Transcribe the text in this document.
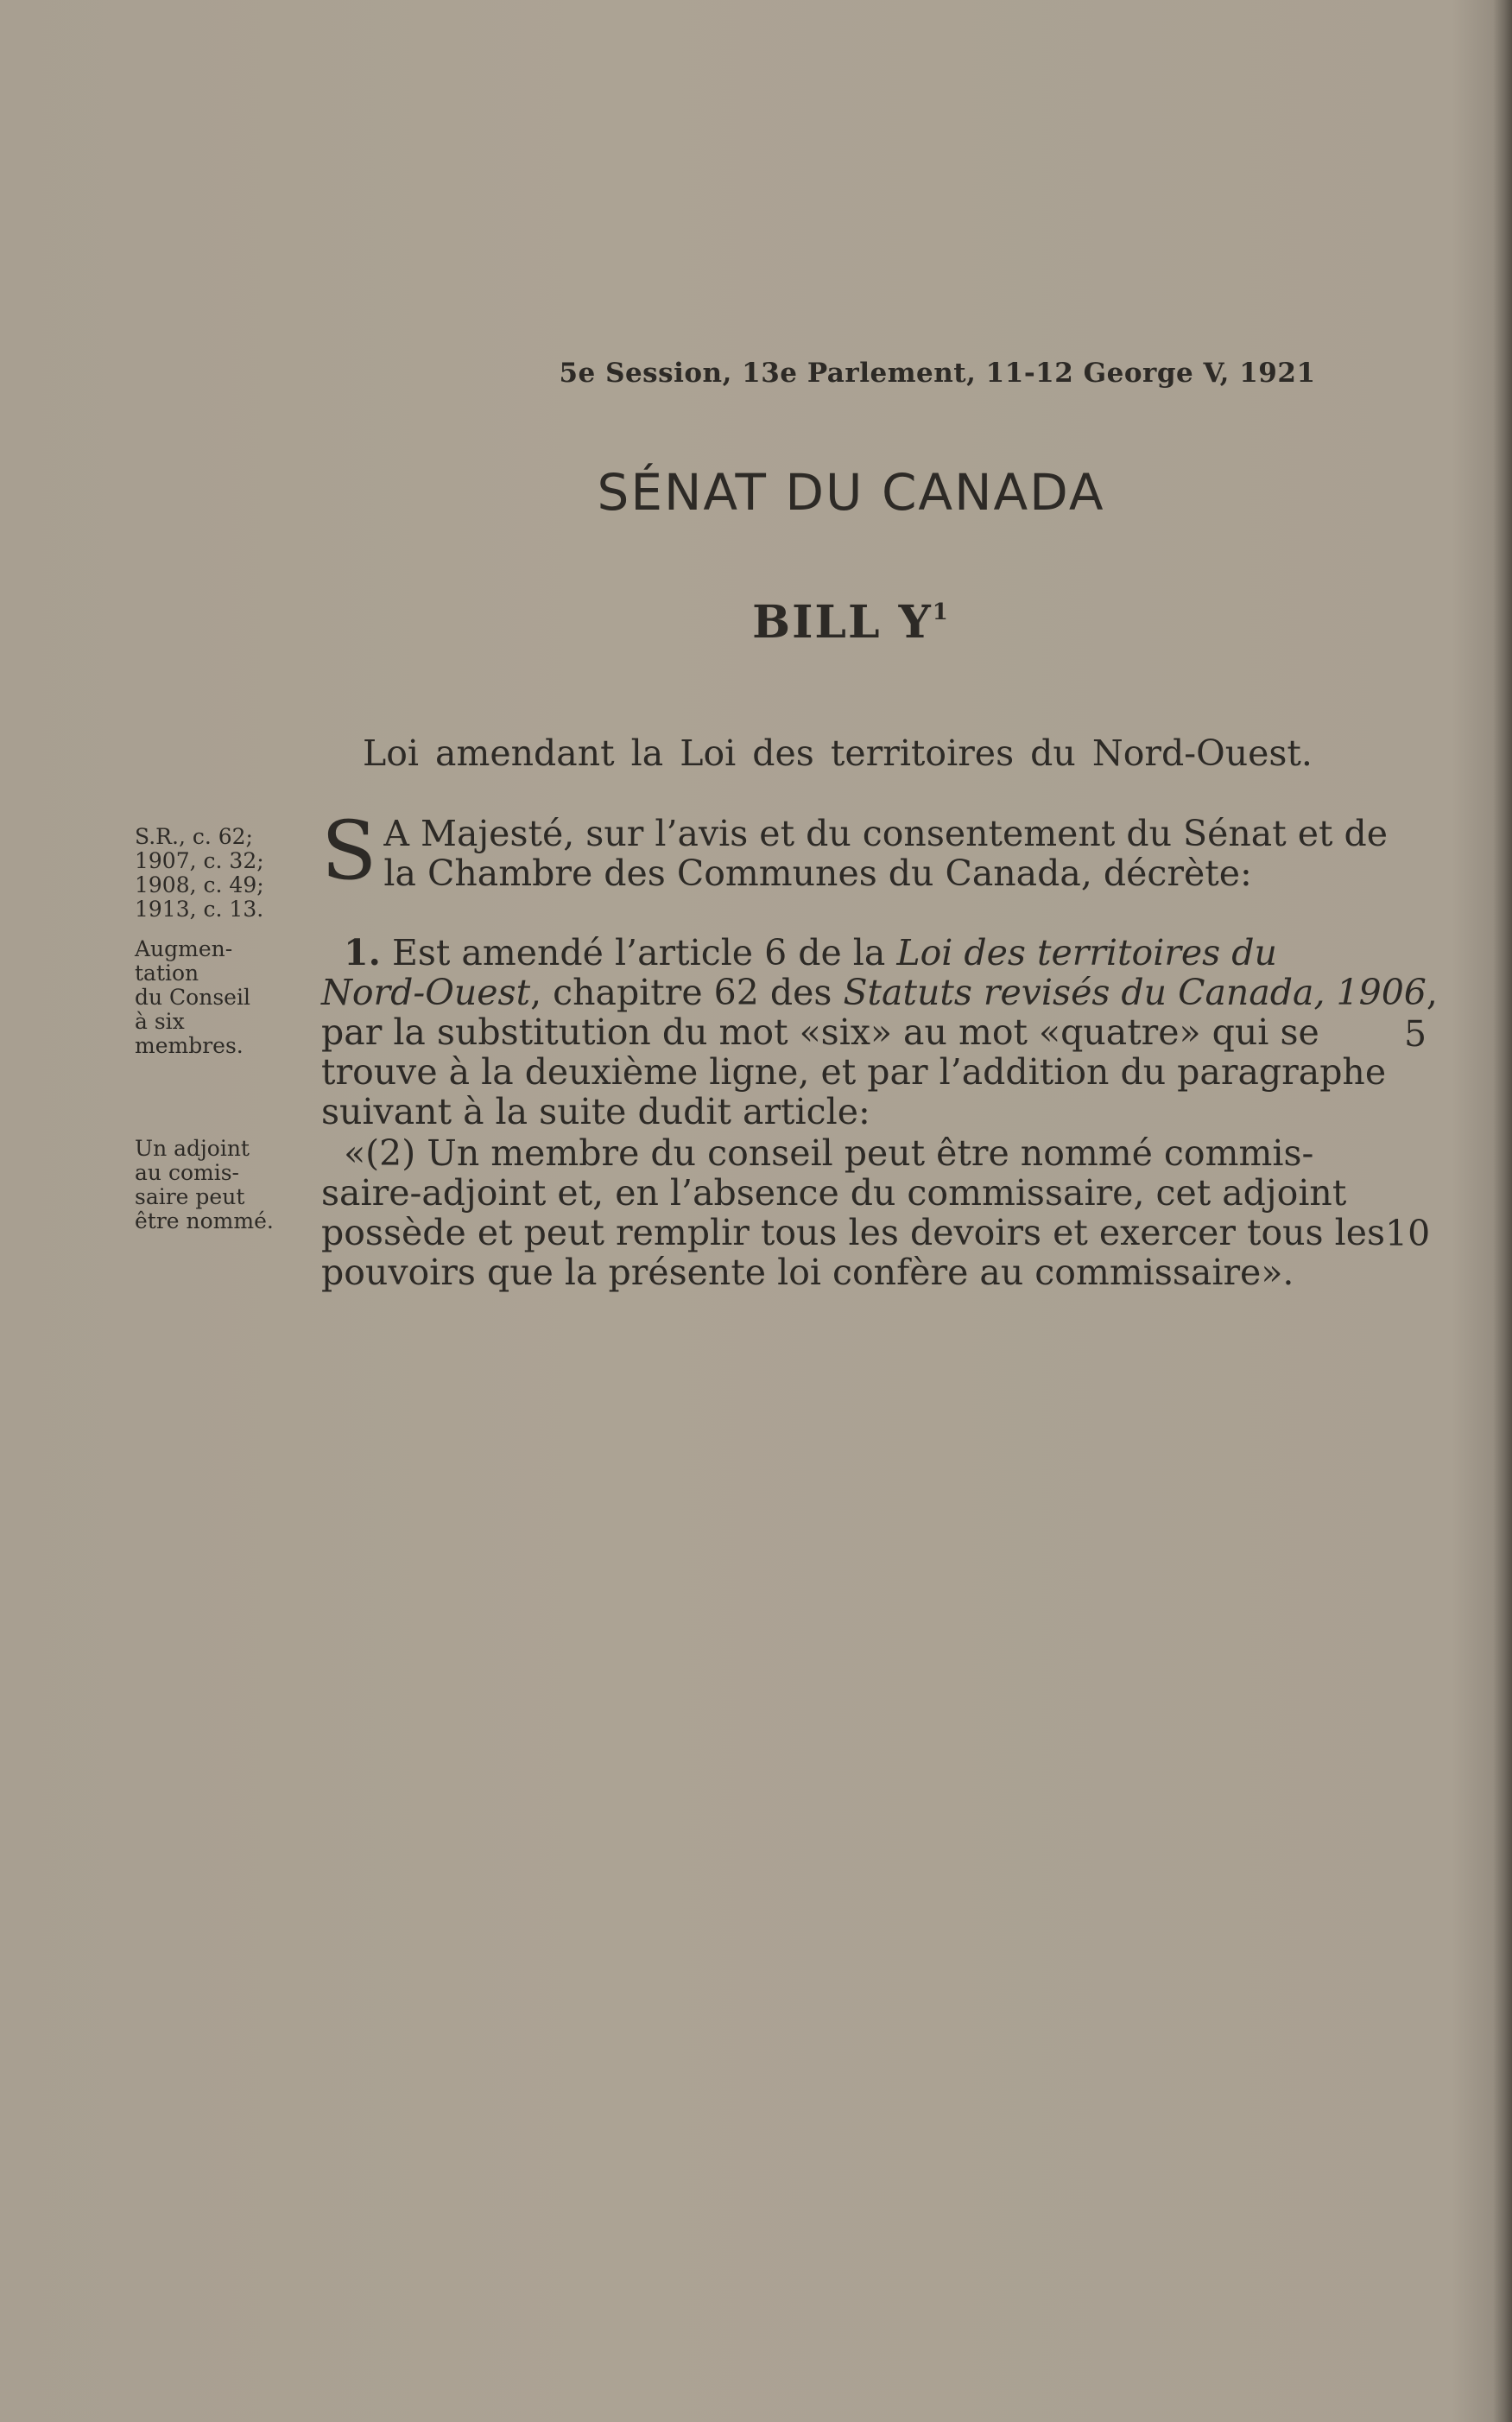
5e Session, 13e Parlement, 11-12 George V, 1921
SÉNAT DU CANADA
BILL $Y^1$
Loi amendant la Loi des territoires du Nord-Ouest.
S.R., c. 62;
1907, c. 32;
1908, c. 49;
1913, c. 13.
Augmen-
tation
du Conseil
à six
membres.
Un adjoint
au comis-
saire peut
être nommé.
S A Majesté, sur l’avis et du consentement du Sénat et de
la Chambre des Communes du Canada, décrète:
1. Est amendé l’article 6 de la Loi des territoires du
Nord-Ouest, chapitre 62 des Statuts revisés du Canada, 1906,
par la substitution du mot «six» au mot «quatre» qui se
trouve à la deuxième ligne, et par l’addition du paragraphe
suivant à la suite dudit article:
«(2) Un membre du conseil peut être nommé commis-
saire-adjoint et, en l’absence du commissaire, cet adjoint
possède et peut remplir tous les devoirs et exercer tous les
pouvoirs que la présente loi confère au commissaire».
5
10
